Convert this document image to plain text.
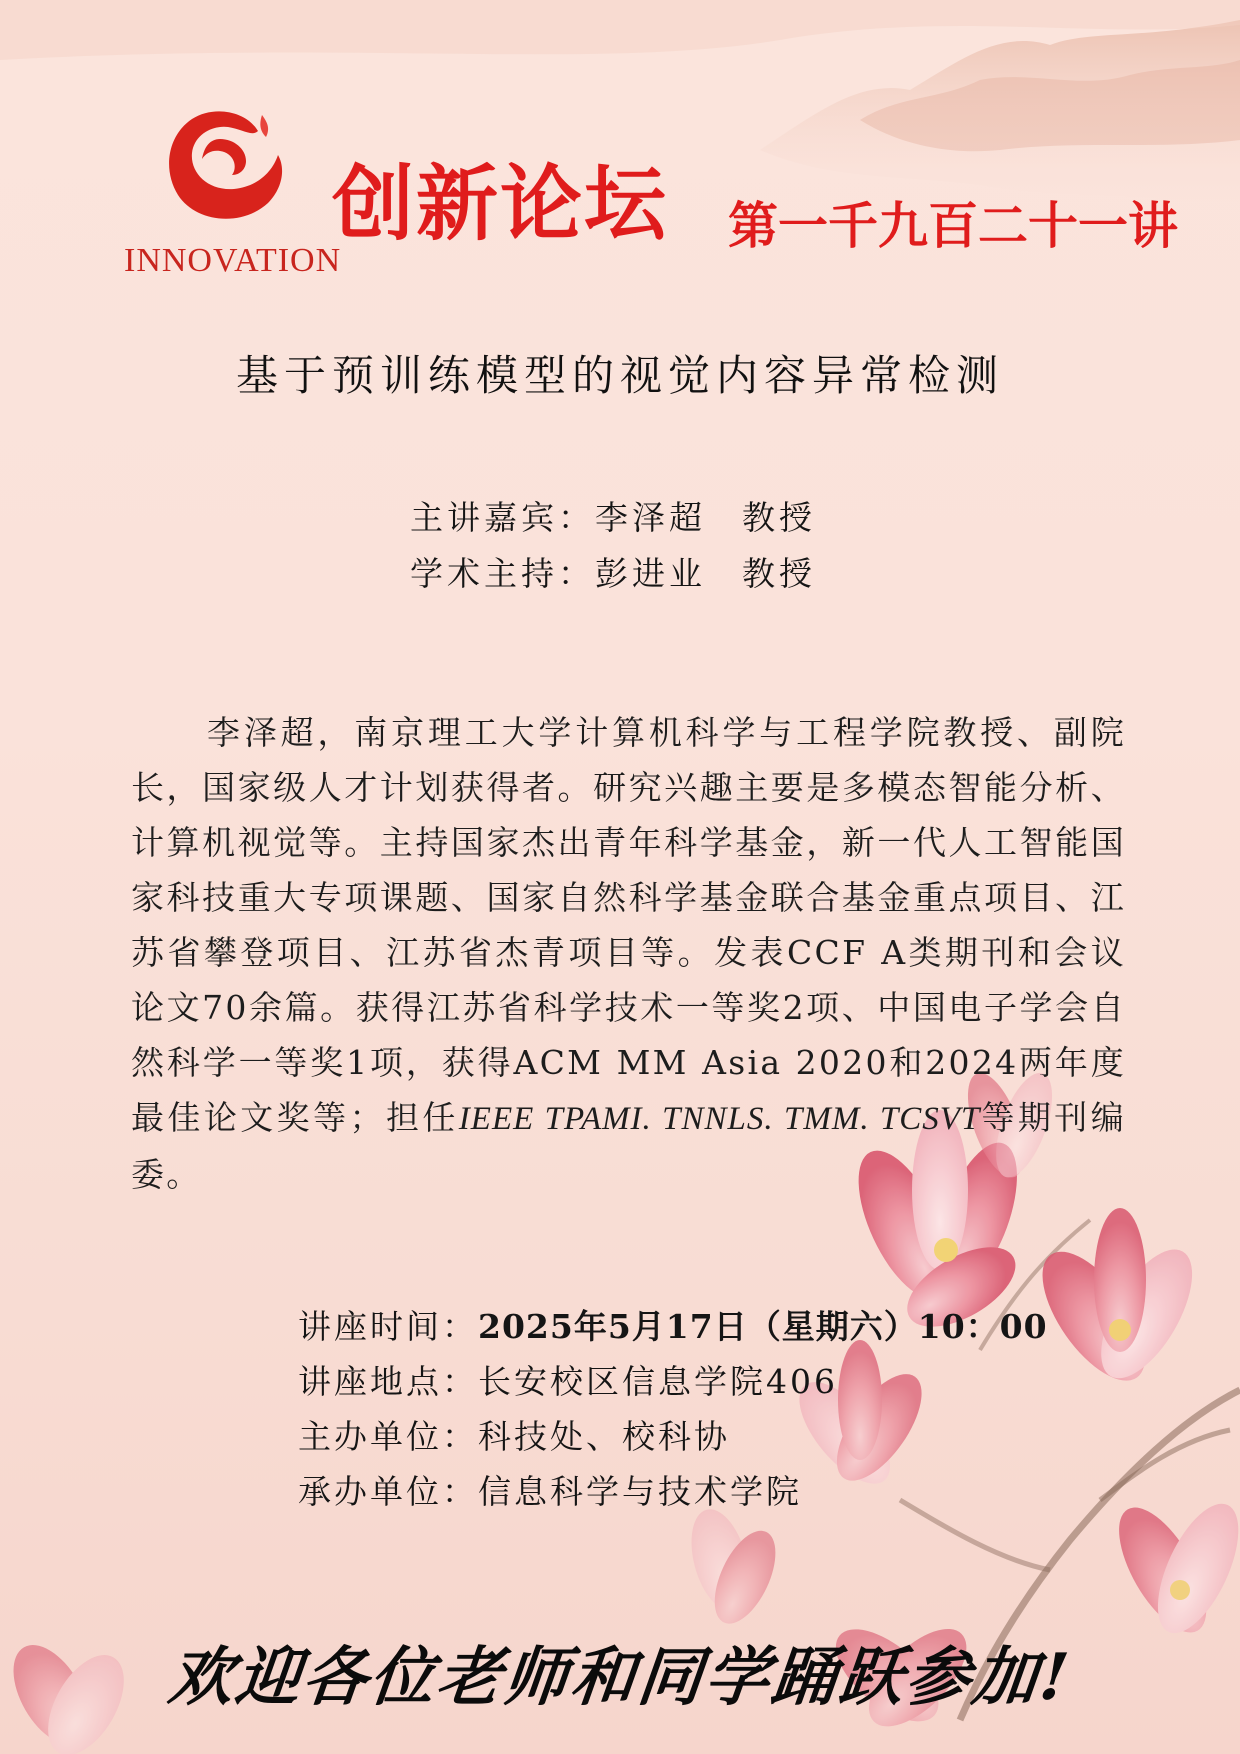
INNOVATION
创新论坛 第一千九百二十一讲
基于预训练模型的视觉内容异常检测
主讲嘉宾：李泽超 教授
学术主持：彭进业 教授

李泽超，南京理工大学计算机科学与工程学院教授、副院长，国家级人才计划获得者。研究兴趣主要是多模态智能分析、计算机视觉等。主持国家杰出青年科学基金，新一代人工智能国家科技重大专项课题、国家自然科学基金联合基金重点项目、江苏省攀登项目、江苏省杰青项目等。发表CCF A类期刊和会议论文70余篇。获得江苏省科学技术一等奖2项、中国电子学会自然科学一等奖1项，获得ACM MM Asia 2020和2024两年度最佳论文奖等；担任IEEE TPAMI. TNNLS. TMM. TCSVT等期刊编委。

讲座时间：2025年5月17日（星期六）10：00
讲座地点：长安校区信息学院406
主办单位：科技处、校科协
承办单位：信息科学与技术学院
欢迎各位老师和同学踊跃参加!
